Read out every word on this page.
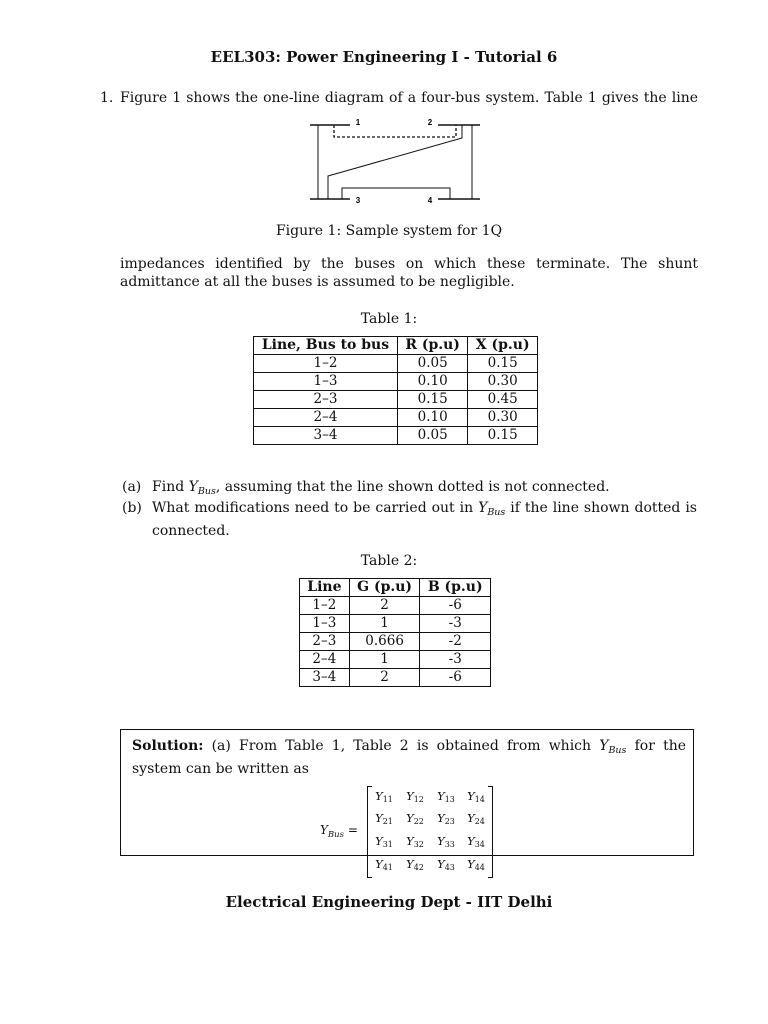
EEL303: Power Engineering I - Tutorial 6
1. Figure 1 shows the one-line diagram of a four-bus system. Table 1 gives the line
1	2
3	4
Figure 1: Sample system for 1Q
impedances identified by the buses on which these terminate. The shunt admittance at all the buses is assumed to be negligible.
Table 1:
Line, Bus to bus	R (p.u)	X (p.u)
1–2	0.05	0.15
1–3	0.10	0.30
2–3	0.15	0.45
2–4	0.10	0.30
3–4	0.05	0.15
(a) Find $Y_{Bus}$, assuming that the line shown dotted is not connected.
(b) What modifications need to be carried out in $Y_{Bus}$ if the line shown dotted is connected.
Table 2:
Line	G (p.u)	B (p.u)
1–2	2	-6
1–3	1	-3
2–3	0.666	-2
2–4	1	-3
3–4	2	-6
Solution: (a) From Table 1, Table 2 is obtained from which $Y_{Bus}$ for the system can be written as
$Y_{Bus}$ =
Y11	Y12	Y13	Y14
Y21	Y22	Y23	Y24
Y31	Y32	Y33	Y34
Y41	Y42	Y43	Y44
Electrical Engineering Dept - IIT Delhi
